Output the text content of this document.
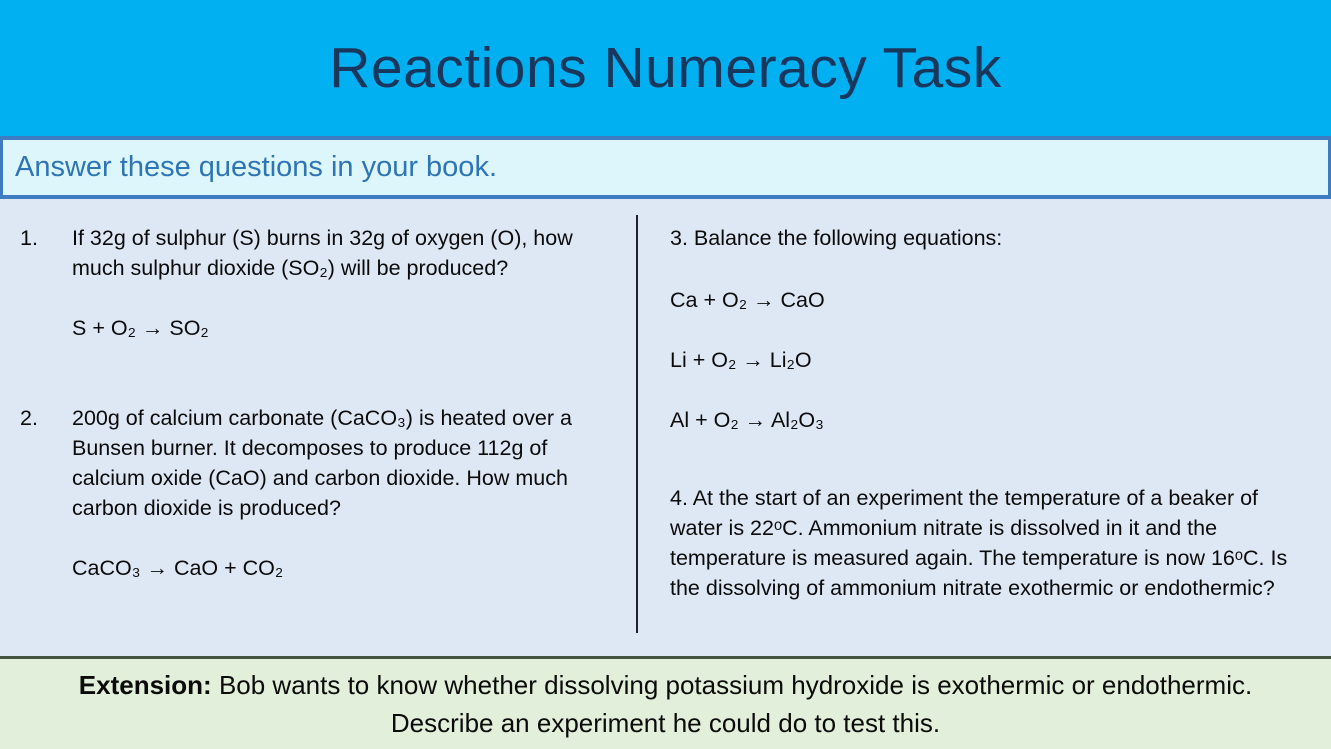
Reactions Numeracy Task
Answer these questions in your book.
1.	If 32g of sulphur (S) burns in 32g of oxygen (O), how much sulphur dioxide (SO₂) will be produced?
S + O₂ → SO₂
2.	200g of calcium carbonate (CaCO₃) is heated over a Bunsen burner. It decomposes to produce 112g of calcium oxide (CaO) and carbon dioxide. How much carbon dioxide is produced?
CaCO₃ → CaO + CO₂
3. Balance the following equations:
Ca + O₂ → CaO
Li + O₂ → Li₂O
Al + O₂ → Al₂O₃
4. At the start of an experiment the temperature of a beaker of water is 22ᵒC. Ammonium nitrate is dissolved in it and the temperature is measured again. The temperature is now 16ᵒC. Is the dissolving of ammonium nitrate exothermic or endothermic?
Extension: Bob wants to know whether dissolving potassium hydroxide is exothermic or endothermic. Describe an experiment he could do to test this.
